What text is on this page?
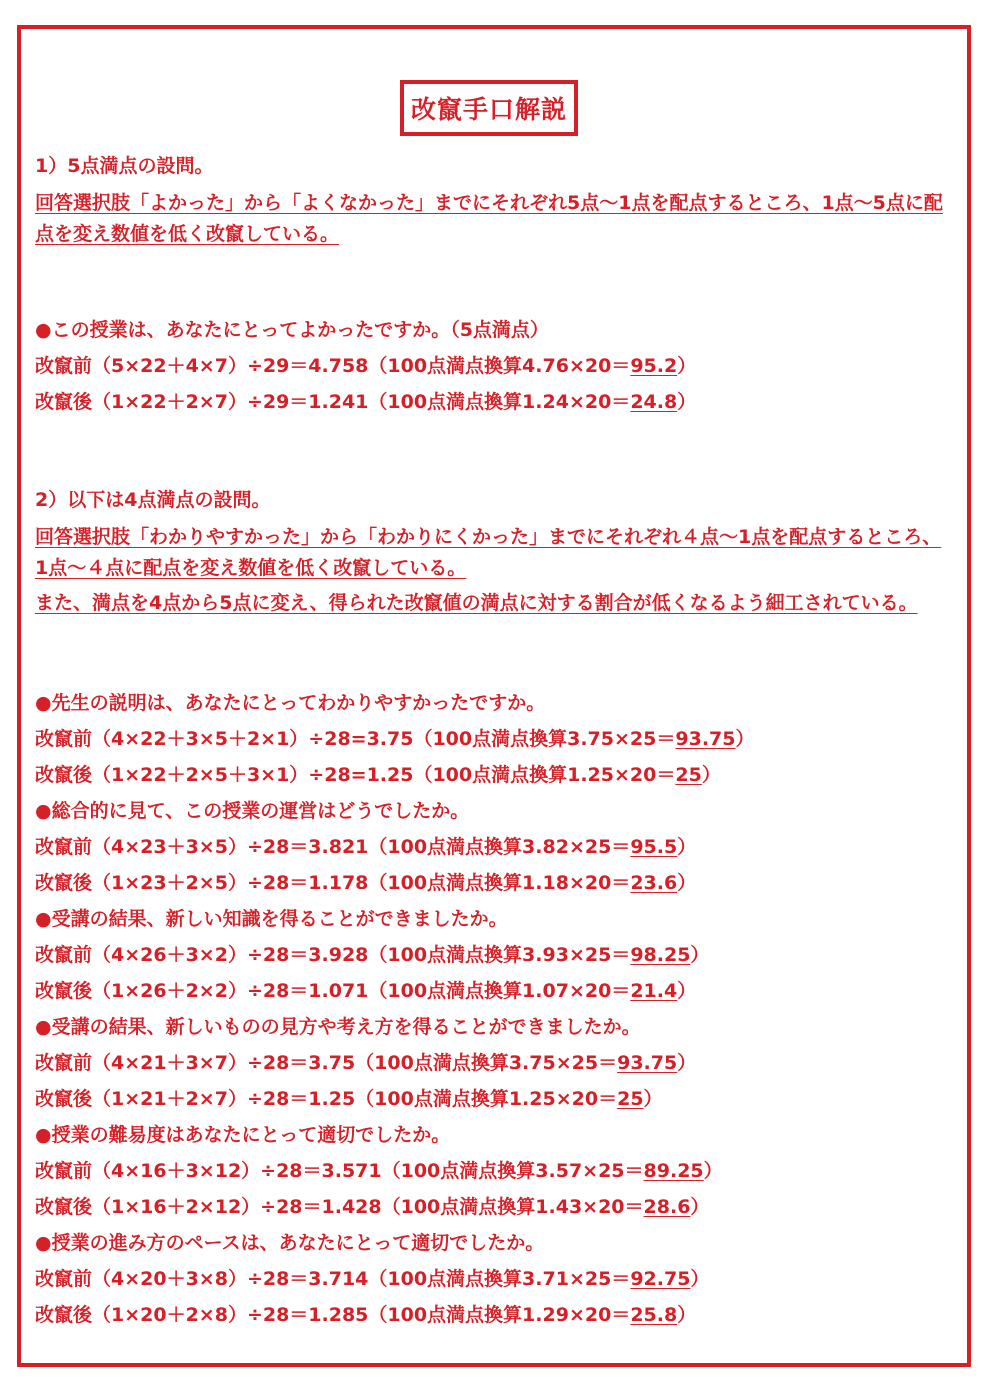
改竄手口解説
1）5点満点の設問。
回答選択肢「よかった」から「よくなかった」までにそれぞれ5点～1点を配点するところ、1点～5点に配点を変え数値を低く改竄している。
●この授業は、あなたにとってよかったですか。（5点満点）
改竄前（5×22＋4×7）÷29＝4.758（100点満点換算4.76×20＝95.2）
改竄後（1×22＋2×7）÷29＝1.241（100点満点換算1.24×20＝24.8）
2）以下は4点満点の設問。
回答選択肢「わかりやすかった」から「わかりにくかった」までにそれぞれ４点～1点を配点するところ、1点～４点に配点を変え数値を低く改竄している。
また、満点を4点から5点に変え、得られた改竄値の満点に対する割合が低くなるよう細工されている。
●先生の説明は、あなたにとってわかりやすかったですか。
改竄前（4×22＋3×5＋2×1）÷28=3.75（100点満点換算3.75×25＝93.75）
改竄後（1×22＋2×5＋3×1）÷28=1.25（100点満点換算1.25×20＝25）
●総合的に見て、この授業の運営はどうでしたか。
改竄前（4×23＋3×5）÷28＝3.821（100点満点換算3.82×25＝95.5）
改竄後（1×23＋2×5）÷28＝1.178（100点満点換算1.18×20＝23.6）
●受講の結果、新しい知識を得ることができましたか。
改竄前（4×26＋3×2）÷28＝3.928（100点満点換算3.93×25＝98.25）
改竄後（1×26＋2×2）÷28＝1.071（100点満点換算1.07×20＝21.4）
●受講の結果、新しいものの見方や考え方を得ることができましたか。
改竄前（4×21＋3×7）÷28＝3.75（100点満点換算3.75×25＝93.75）
改竄後（1×21＋2×7）÷28＝1.25（100点満点換算1.25×20＝25）
●授業の難易度はあなたにとって適切でしたか。
改竄前（4×16＋3×12）÷28＝3.571（100点満点換算3.57×25＝89.25）
改竄後（1×16＋2×12）÷28＝1.428（100点満点換算1.43×20＝28.6）
●授業の進み方のペースは、あなたにとって適切でしたか。
改竄前（4×20＋3×8）÷28＝3.714（100点満点換算3.71×25＝92.75）
改竄後（1×20＋2×8）÷28＝1.285（100点満点換算1.29×20＝25.8）
